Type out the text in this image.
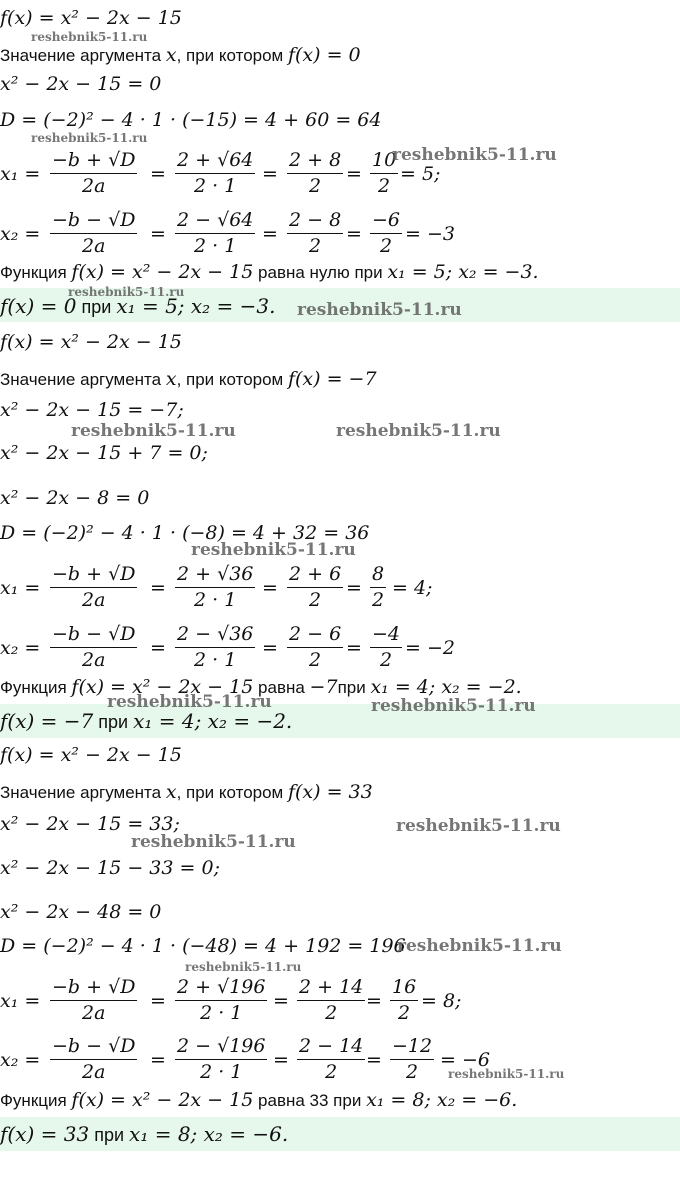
f(x) = x² − 2x − 15
Значение аргумента x, при котором f(x) = 0
x² − 2x − 15 = 0
D = (−2)² − 4 · 1 · (−15) = 4 + 60 = 64
x₁ =
−b + √D
2a
=
2 + √64
2 · 1
=
2 + 8
2
=
10
2
= 5;
x₂ =
−b − √D
2a
=
2 − √64
2 · 1
=
2 − 8
2
=
−6
2
= −3
Функция f(x) = x² − 2x − 15 равна нулю при x₁ = 5; x₂ = −3.
f(x) = 0 при x₁ = 5; x₂ = −3.
f(x) = x² − 2x − 15
Значение аргумента x, при котором f(x) = −7
x² − 2x − 15 = −7;
x² − 2x − 15 + 7 = 0;
x² − 2x − 8 = 0
D = (−2)² − 4 · 1 · (−8) = 4 + 32 = 36
x₁ =
−b + √D
2a
=
2 + √36
2 · 1
=
2 + 6
2
=
8
2
= 4;
x₂ =
−b − √D
2a
=
2 − √36
2 · 1
=
2 − 6
2
=
−4
2
= −2
Функция f(x) = x² − 2x − 15 равна −7при x₁ = 4; x₂ = −2.
f(x) = −7 при x₁ = 4; x₂ = −2.
f(x) = x² − 2x − 15
Значение аргумента x, при котором f(x) = 33
x² − 2x − 15 = 33;
x² − 2x − 15 − 33 = 0;
x² − 2x − 48 = 0
D = (−2)² − 4 · 1 · (−48) = 4 + 192 = 196
x₁ =
−b + √D
2a
=
2 + √196
2 · 1
=
2 + 14
2
=
16
2
= 8;
x₂ =
−b − √D
2a
=
2 − √196
2 · 1
=
2 − 14
2
=
−12
2
= −6
Функция f(x) = x² − 2x − 15 равна 33 при x₁ = 8; x₂ = −6.
f(x) = 33 при x₁ = 8; x₂ = −6.
reshebnik5-11.ru
reshebnik5-11.ru
reshebnik5-11.ru
reshebnik5-11.ru
reshebnik5-11.ru
reshebnik5-11.ru	reshebnik5-11.ru
reshebnik5-11.ru
reshebnik5-11.ru	reshebnik5-11.ru
reshebnik5-11.ru
reshebnik5-11.ru
reshebnik5-11.ru
reshebnik5-11.ru
reshebnik5-11.ru
